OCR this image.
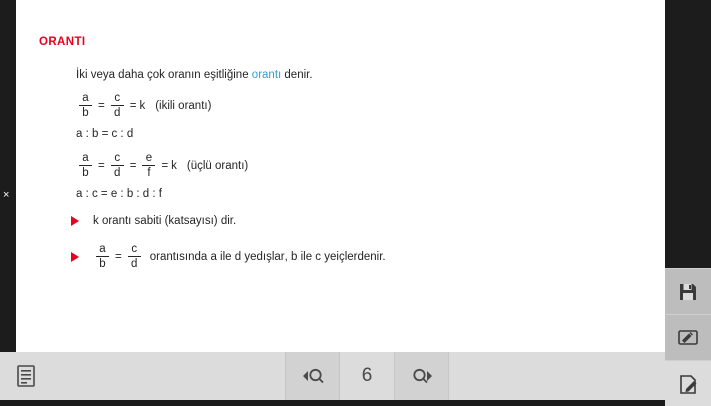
×
ORANTI
İki veya daha çok oranın eşitliğine orantı denir.
$\frac{a}{b} = \frac{c}{d} = k$ (ikili orantı)
a : b = c : d
$\frac{a}{b} = \frac{c}{d} = \frac{e}{f} = k$ (üçlü orantı)
a : c = e : b : d : f
k orantı sabiti (katsayısı) dir.
$\frac{a}{b} = \frac{c}{d}$ orantısında a ile d ye dışlar , b ile c ye içler denir.
6
